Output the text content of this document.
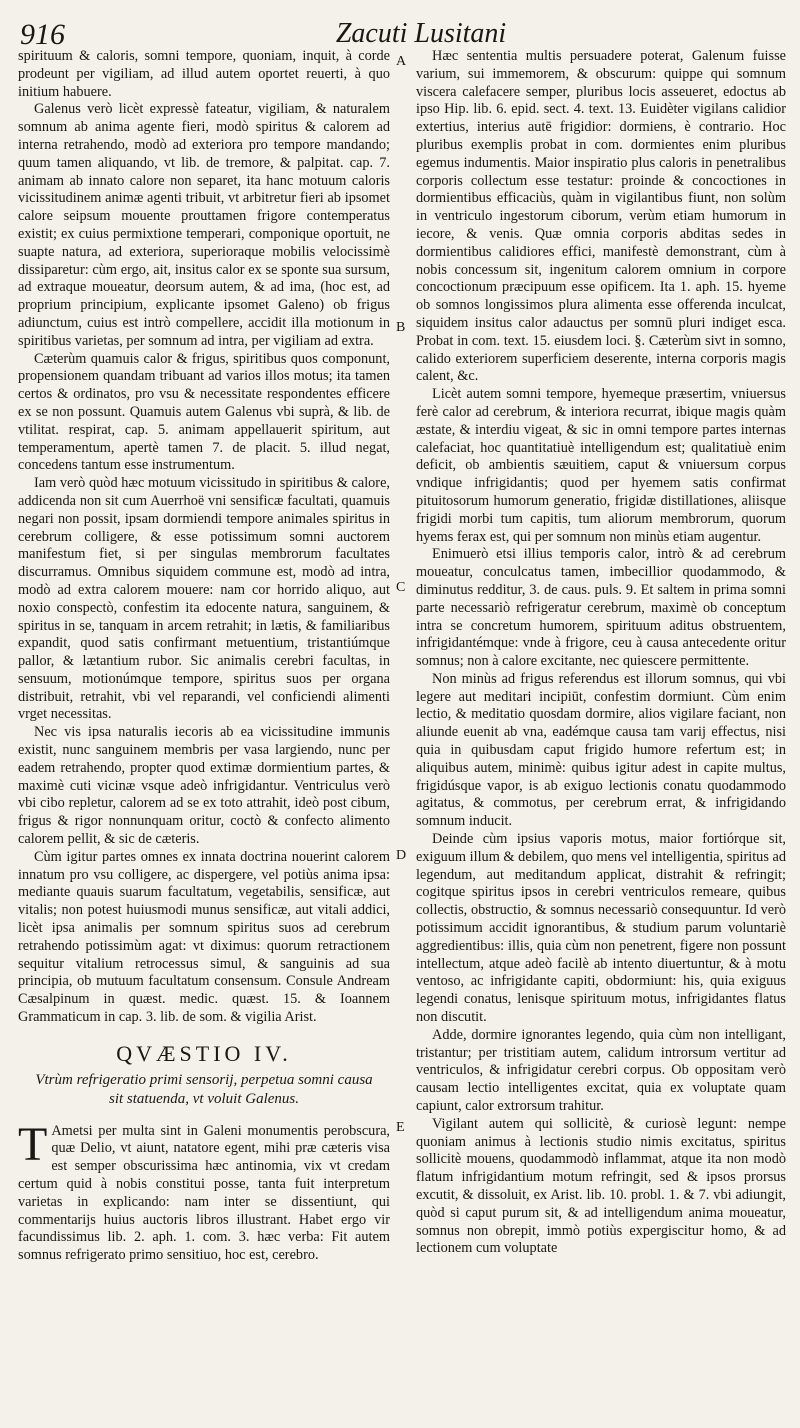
916	Zacuti Lusitani

spirituum & caloris, somni tempore, quoniam, inquit, à corde prodeunt per vigiliam, ad illud autem oportet reuerti, à quo initium habuere.

Galenus verò licèt expressè fateatur, vigiliam, & naturalem somnum ab anima agente fieri, modò spiritus & calorem ad interna retrahendo, modò ad exteriora pro tempore mandando; quum tamen aliquando, vt lib. de tremore, & palpitat. cap. 7. animam ab innato calore non separet, ita hanc motuum caloris vicissitudinem animæ agenti tribuit, vt arbitretur fieri ab ipsomet calore seipsum mouente prouttamen frigore contemperatus existit; ex cuius permixtione temperari, componique oportuit, ne suapte natura, ad exteriora, superioraque mobilis velocissimè dissiparetur: cùm ergo, ait, insitus calor ex se sponte sua sursum, ad extraque moueatur, deorsum autem, & ad ima, (hoc est, ad proprium principium, explicante ipsomet Galeno) ob frigus adiunctum, cuius est intrò compellere, accidit illa motionum in spiritibus varietas, per somnum ad intra, per vigiliam ad extra.

Cæterùm quamuis calor & frigus, spiritibus quos componunt, propensionem quandam tribuant ad varios illos motus; ita tamen certos & ordinatos, pro vsu & necessitate respondentes efficere ex se non possunt. Quamuis autem Galenus vbi suprà, & lib. de vtilitat. respirat, cap. 5. animam appellauerit spiritum, aut temperamentum, apertè tamen 7. de placit. 5. illud negat, concedens tantum esse instrumentum.

Iam verò quòd hæc motuum vicissitudo in spiritibus & calore, addicenda non sit cum Auerrhoë vni sensificæ facultati, quamuis negari non possit, ipsam dormiendi tempore animales spiritus in cerebrum colligere, & esse potissimum somni auctorem manifestum fiet, si per singulas membrorum facultates discurramus. Omnibus siquidem commune est, modò ad intra, modò ad extra calorem mouere: nam cor horrido aliquo, aut noxio conspectò, confestim ita edocente natura, sanguinem, & spiritus in se, tanquam in arcem retrahit; in lætis, & familiaribus expandit, quod satis confirmant metuentium, tristantiúmque pallor, & lætantium rubor. Sic animalis cerebri facultas, in sensuum, motionúmque tempore, spiritus suos per organa distribuit, retrahit, vbi vel reparandi, vel conficiendi alimenti vrget necessitas.

Nec vis ipsa naturalis iecoris ab ea vicissitudine immunis existit, nunc sanguinem membris per vasa largiendo, nunc per eadem retrahendo, propter quod extimæ dormientium partes, & maximè cuti vicinæ vsque adeò infrigidantur. Ventriculus verò vbi cibo repletur, calorem ad se ex toto attrahit, ideò post cibum, frigus & rigor nonnunquam oritur, coctò & confecto alimento calorem pellit, & sic de cæteris.

Cùm igitur partes omnes ex innata doctrina nouerint calorem innatum pro vsu colligere, ac dispergere, vel potiùs anima ipsa: mediante quauis suarum facultatum, vegetabilis, sensificæ, aut vitalis; non potest huiusmodi munus sensificæ, aut vitali addici, licèt ipsa animalis per somnum spiritus suos ad cerebrum retrahendo potissimùm agat: vt diximus: quorum retractionem sequitur vitalium retrocessus simul, & sanguinis ad sua principia, ob mutuum facultatum consensum. Consule Andream Cæsalpinum in quæst. medic. quæst. 15. & Ioannem Grammaticum in cap. 3. lib. de som. & vigilia Arist.

QVÆSTIO IV.
Vtrùm refrigeratio primi sensorij, perpetua somni causa sit statuenda, vt voluit Galenus.

T Ametsi per multa sint in Galeni monumentis perobscura, quæ Delio, vt aiunt, natatore egent, mihi præ cæteris visa est semper obscurissima hæc antinomia, vix vt credam certum quid à nobis constitui posse, tanta fuit interpretum varietas in explicando: nam inter se dissentiunt, qui commentarijs huius auctoris libros illustrant. Habet ergo vir facundissimus lib. 2. aph. 1. com. 3. hæc verba: Fit autem somnus refrigerato primo sensitiuo, hoc est, cerebro.

A
B
C
D
E

Hæc sententia multis persuadere poterat, Galenum fuisse varium, sui immemorem, & obscurum: quippe qui somnum viscera calefacere semper, pluribus locis asseueret, edoctus ab ipso Hip. lib. 6. epid. sect. 4. text. 13. Euidèter vigilans calidior extertius, interius autē frigidior: dormiens, è contrario. Hoc pluribus exemplis probat in com. dormientes enim pluribus egemus indumentis. Maior inspiratio plus caloris in penetralibus corporis collectum esse testatur: proinde & concoctiones in dormientibus efficaciùs, quàm in vigilantibus fiunt, non solùm in ventriculo ingestorum ciborum, verùm etiam humorum in iecore, & venis. Quæ omnia corporis abditas sedes in dormientibus calidiores effici, manifestè demonstrant, cùm à nobis concessum sit, ingenitum calorem omnium in corpore concoctionum præcipuum esse opificem. Ita 1. aph. 15. hyeme ob somnos longissimos plura alimenta esse offerenda inculcat, siquidem insitus calor adauctus per somnū pluri indiget esca. Probat in com. text. 15. eiusdem loci. §. Cæterùm sivt in somno, calido exteriorem superficiem deserente, interna corporis magis calent, &c.

Licèt autem somni tempore, hyemeque præsertim, vniuersus ferè calor ad cerebrum, & interiora recurrat, ibique magis quàm æstate, & interdiu vigeat, & sic in omni tempore partes internas calefaciat, hoc quantitatiuè intelligendum est; qualitatiuè enim deficit, ob ambientis sæuitiem, caput & vniuersum corpus vndique infrigidantis; quod per hyemem satis confirmat pituitosorum humorum generatio, frigidæ distillationes, aliisque frigidi morbi tum capitis, tum aliorum membrorum, quorum hyems ferax est, qui per somnum non minùs etiam augentur.

Enimuerò etsi illius temporis calor, intrò & ad cerebrum moueatur, conculcatus tamen, imbecillior quodammodo, & diminutus redditur, 3. de caus. puls. 9. Et saltem in prima somni parte necessariò refrigeratur cerebrum, maximè ob conceptum intra se concretum humorem, spirituum aditus obstruentem, infrigidantémque: vnde à frigore, ceu à causa antecedente oritur somnus; non à calore excitante, nec quiescere permittente.

Non minùs ad frigus referendus est illorum somnus, qui vbi legere aut meditari incipiūt, confestim dormiunt. Cùm enim lectio, & meditatio quosdam dormire, alios vigilare faciant, non aliunde euenit ab vna, eadémque causa tam varij effectus, nisi quia in quibusdam caput frigido humore refertum est; in aliquibus autem, minimè: quibus igitur adest in capite multus, frigidúsque vapor, is ab exiguo lectionis conatu quodammodo agitatus, & commotus, per cerebrum errat, & infrigidando somnum inducit.

Deinde cùm ipsius vaporis motus, maior fortiórque sit, exiguum illum & debilem, quo mens vel intelligentia, spiritus ad legendum, aut meditandum applicat, distrahit & refringit; cogitque spiritus ipsos in cerebri ventriculos remeare, quibus collectis, obstructio, & somnus necessariò consequuntur. Id verò potissimum accidit ignorantibus, & studium parum voluntariè aggredientibus: illis, quia cùm non penetrent, figere non possunt intellectum, atque adeò facilè ab intento diuertuntur, & à motu ventoso, ac infrigidante capiti, obdormiunt: his, quia exiguus legendi conatus, lenisque spirituum motus, infrigidantes flatus non discutit.

Adde, dormire ignorantes legendo, quia cùm non intelligant, tristantur; per tristitiam autem, calidum introrsum vertitur ad ventriculos, & infrigidatur cerebri corpus. Ob oppositam verò causam lectio intelligentes excitat, quia ex voluptate quam capiunt, calor extrorsum trahitur.

Vigilant autem qui sollicitè, & curiosè legunt: nempe quoniam animus à lectionis studio nimis excitatus, spiritus sollicitè mouens, quodammodò inflammat, atque ita non modò flatum infrigidantium motum refringit, sed & ipsos prorsus excutit, & dissoluit, ex Arist. lib. 10. probl. 1. & 7. vbi adiungit, quòd si caput purum sit, & ad intelligendum anima moueatur, somnus non obrepit, immò potiùs expergiscitur homo, & ad lectionem cum voluptate
